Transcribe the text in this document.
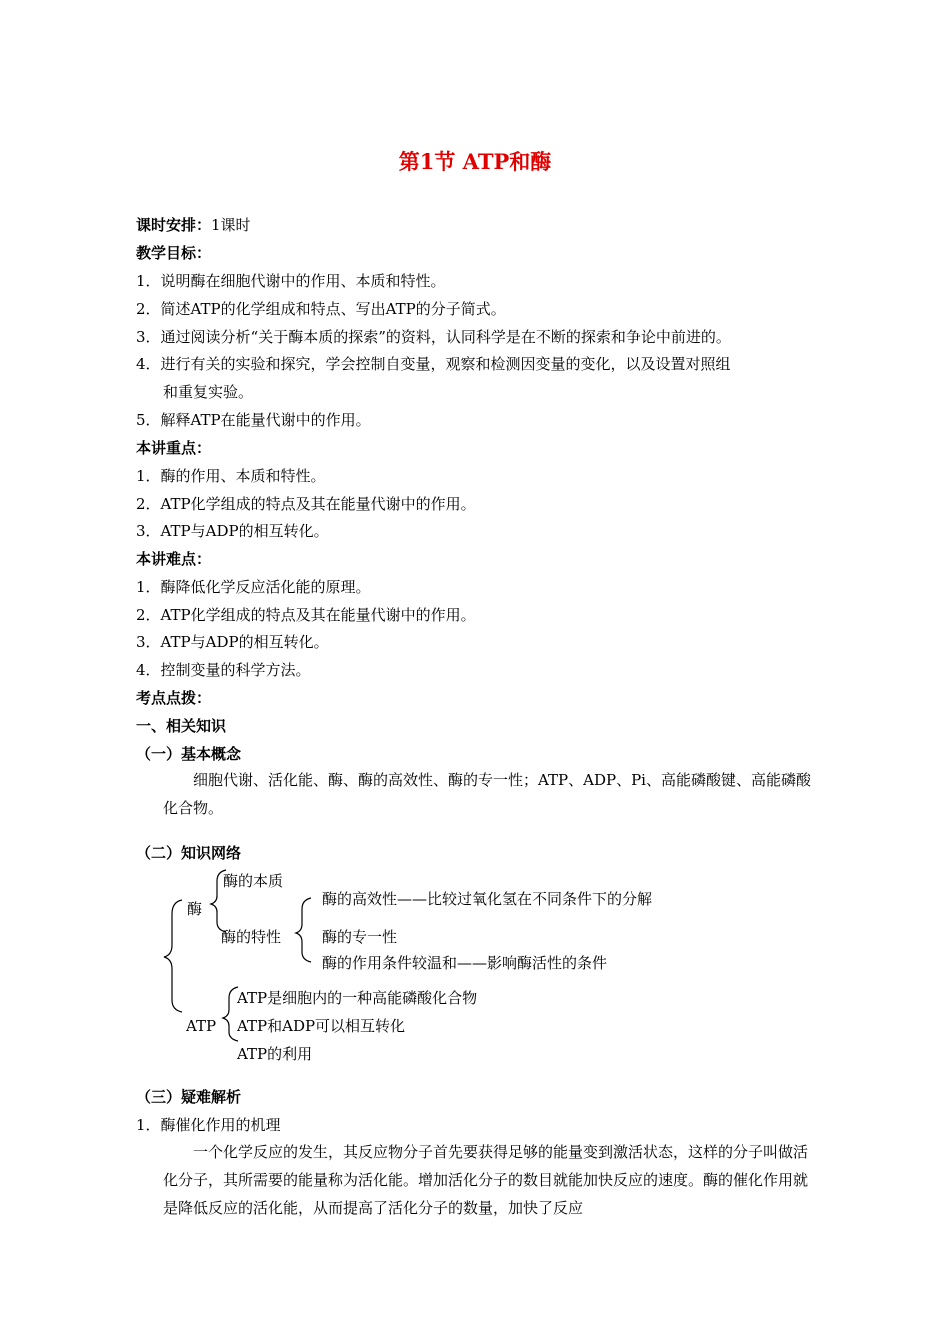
第1节 ATP和酶
课时安排：1课时
教学目标：
1．说明酶在细胞代谢中的作用、本质和特性。
2．简述ATP的化学组成和特点、写出ATP的分子简式。
3．通过阅读分析“关于酶本质的探索”的资料，认同科学是在不断的探索和争论中前进的。
4．进行有关的实验和探究，学会控制自变量，观察和检测因变量的变化，以及设置对照组
和重复实验。
5．解释ATP在能量代谢中的作用。
本讲重点：
1．酶的作用、本质和特性。
2．ATP化学组成的特点及其在能量代谢中的作用。
3．ATP与ADP的相互转化。
本讲难点：
1．酶降低化学反应活化能的原理。
2．ATP化学组成的特点及其在能量代谢中的作用。
3．ATP与ADP的相互转化。
4．控制变量的科学方法。
考点点拨：
一、相关知识
（一）基本概念
细胞代谢、活化能、酶、酶的高效性、酶的专一性；ATP、ADP、Pi、高能磷酸键、高能磷酸化合物。
（二）知识网络
酶
酶的本质
酶的特性
酶的高效性——比较过氧化氢在不同条件下的分解
酶的专一性
酶的作用条件较温和——影响酶活性的条件
ATP
ATP是细胞内的一种高能磷酸化合物
ATP和ADP可以相互转化
ATP的利用
（三）疑难解析
1．酶催化作用的机理
一个化学反应的发生，其反应物分子首先要获得足够的能量变到激活状态，这样的分子叫做活化分子，其所需要的能量称为活化能。增加活化分子的数目就能加快反应的速度。酶的催化作用就是降低反应的活化能，从而提高了活化分子的数量，加快了反应
